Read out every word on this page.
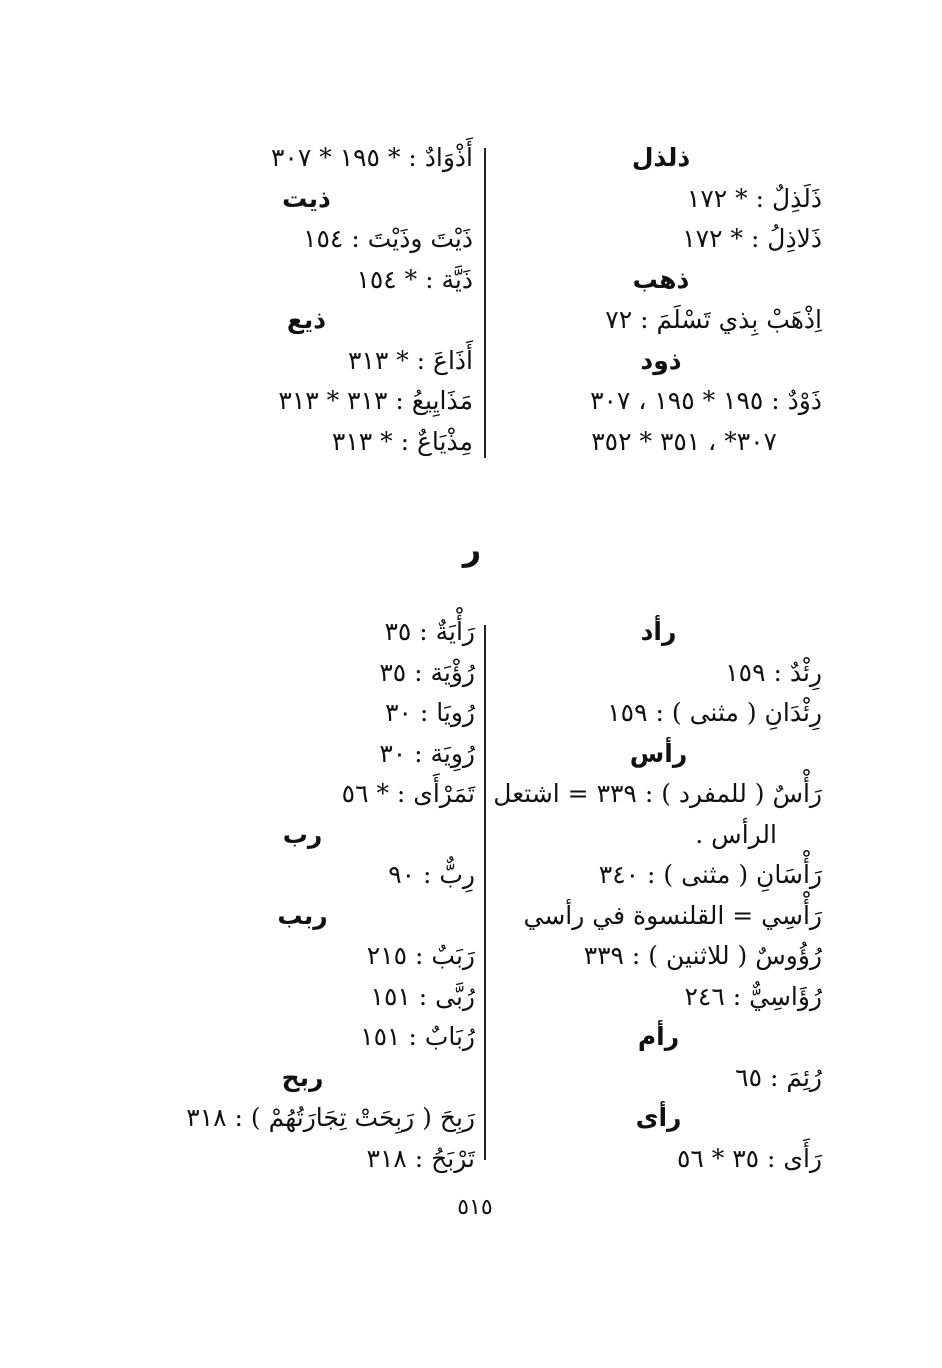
ذلذل
ذَلَذِلٌ : * ١٧٢
ذَلاذِلُ : * ١٧٢
ذهب
اِذْهَبْ بِذي تَسْلَمَ : ٧٢
ذود
ذَوْدٌ : ١٩٥ * ١٩٥ ، ٣٠٧
٣٠٧* ، ٣٥١ * ٣٥٢
أَذْوَادٌ : * ١٩٥ * ٣٠٧
ذيت
ذَيْتَ وذَيْتَ : ١٥٤
ذَيَّة : * ١٥٤
ذيع
أَذَاعَ : * ٣١٣
مَذَايِيعُ : ٣١٣ * ٣١٣
مِذْيَاعٌ : * ٣١٣
ر
رأد
رِئْدٌ : ١٥٩
رِئْدَانِ ( مثنى ) : ١٥٩
رأس
رَأْسٌ ( للمفرد ) : ٣٣٩ = اشتعل
الرأس .
رَأْسَانِ ( مثنى ) : ٣٤٠
رَأْسِي = القلنسوة في رأسي
رُؤُوسٌ ( للاثنين ) : ٣٣٩
رُؤَاسِيٌّ : ٢٤٦
رأم
رُئِمَ : ٦٥
رأى
رَأَى : ٣٥ * ٥٦
رَأْيَةٌ : ٣٥
رُؤْيَة : ٣٥
رُويَا : ٣٠
رُوِيَة : ٣٠
تَمَرْأَى : * ٥٦
رب
رِبٌّ : ٩٠
ربب
رَبَبٌ : ٢١٥
رُبَّى : ١٥١
رُبَابٌ : ١٥١
ربح
رَبِحَ ( رَبِحَتْ تِجَارَتُهُمْ ) : ٣١٨
تَرْبَحُ : ٣١٨
٥١٥
